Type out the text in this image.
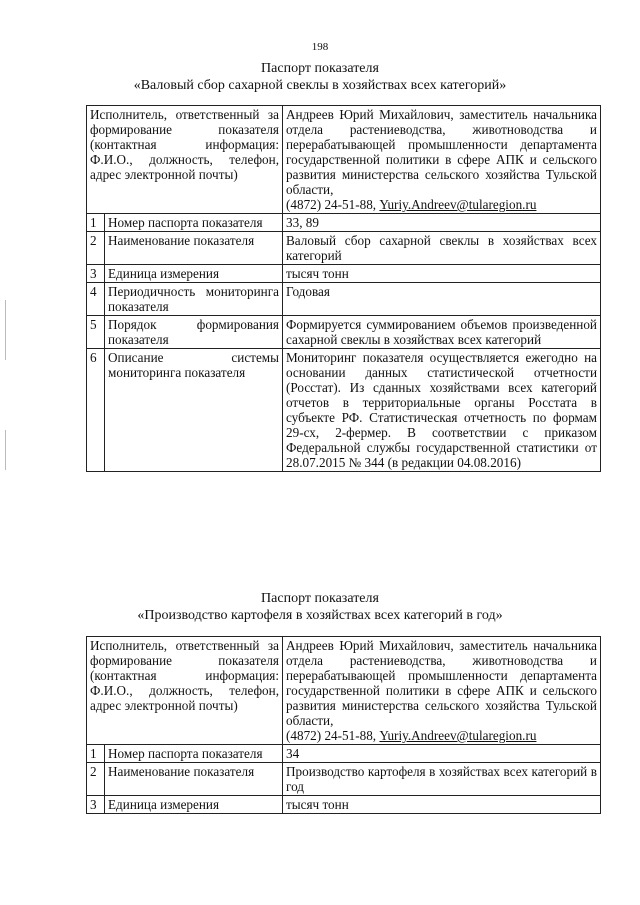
198
Паспорт показателя
«Валовый сбор сахарной свеклы в хозяйствах всех категорий»
Исполнитель, ответственный за формирование показателя (контактная информация: Ф.И.О., должность, телефон, адрес электронной почты)		Андреев Юрий Михайлович, заместитель начальника отдела растениеводства, животноводства и перерабатывающей промышленности департамента государственной политики в сфере АПК и сельского развития министерства сельского хозяйства Тульской области,
(4872) 24-51-88, Yuriy.Andreev@tularegion.ru
1	Номер паспорта показателя	33, 89
2	Наименование показателя	Валовый сбор сахарной свеклы в хозяйствах всех категорий
3	Единица измерения	тысяч тонн
4	Периодичность мониторинга показателя	Годовая
5	Порядок формирования показателя	Формируется суммированием объемов произведенной сахарной свеклы в хозяйствах всех категорий
6	Описание системы мониторинга показателя	Мониторинг показателя осуществляется ежегодно на основании данных статистической отчетности (Росстат). Из сданных хозяйствами всех категорий отчетов в территориальные органы Росстата в субъекте РФ. Статистическая отчетность по формам 29-сх, 2-фермер. В соответствии с приказом Федеральной службы государственной статистики от 28.07.2015 № 344 (в редакции 04.08.2016)
Паспорт показателя
«Производство картофеля в хозяйствах всех категорий в год»
Исполнитель, ответственный за формирование показателя (контактная информация: Ф.И.О., должность, телефон, адрес электронной почты)		Андреев Юрий Михайлович, заместитель начальника отдела растениеводства, животноводства и перерабатывающей промышленности департамента государственной политики в сфере АПК и сельского развития министерства сельского хозяйства Тульской области,
(4872) 24-51-88, Yuriy.Andreev@tularegion.ru
1	Номер паспорта показателя	34
2	Наименование показателя	Производство картофеля в хозяйствах всех категорий в год
3	Единица измерения	тысяч тонн
